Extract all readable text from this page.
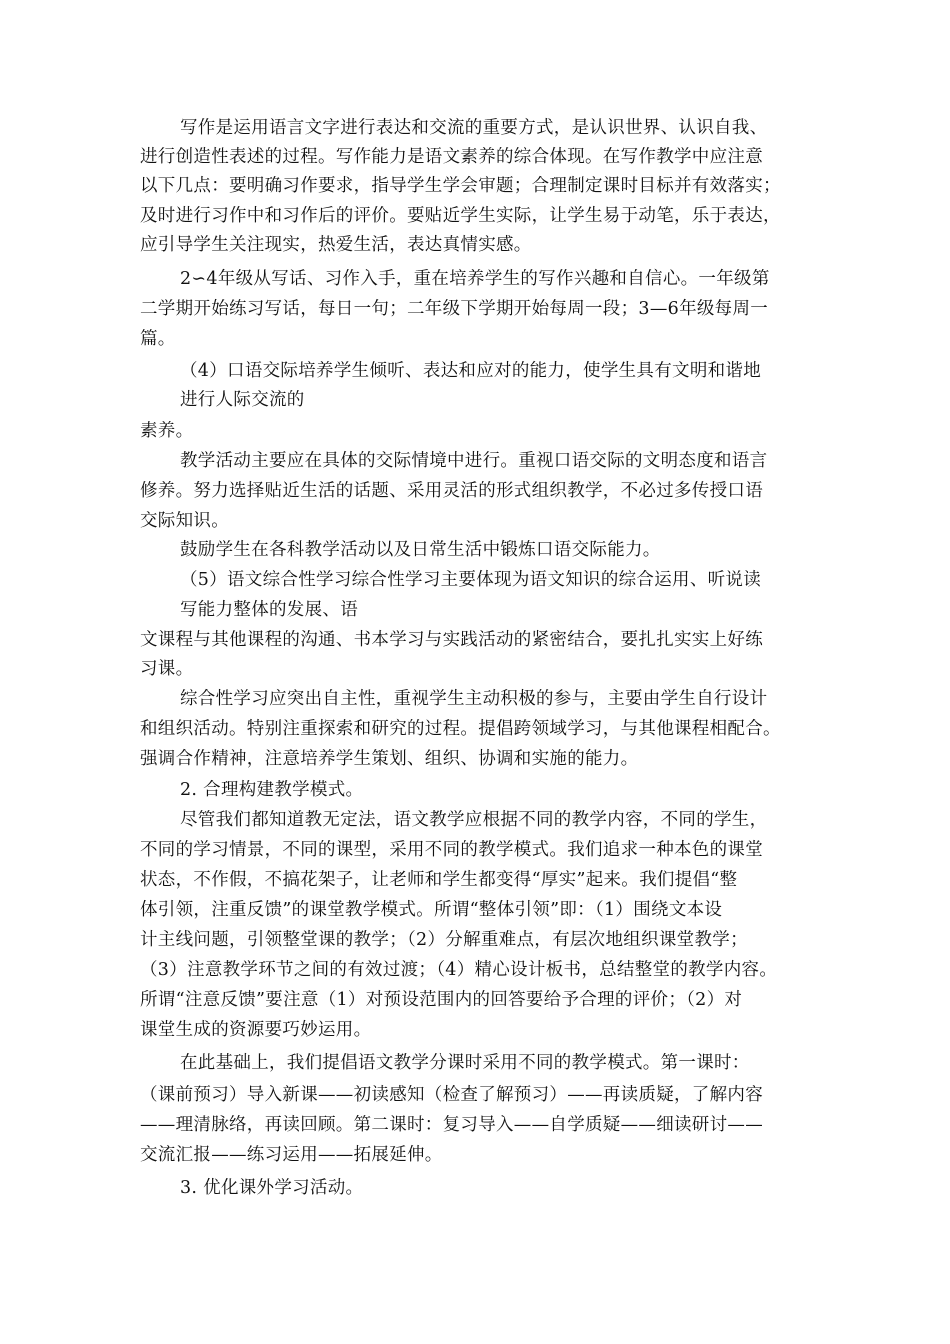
写作是运用语言文字进行表达和交流的重要方式，是认识世界、认识自我、
进行创造性表述的过程。写作能力是语文素养的综合体现。在写作教学中应注意
以下几点：要明确习作要求，指导学生学会审题；合理制定课时目标并有效落实；
及时进行习作中和习作后的评价。要贴近学生实际，让学生易于动笔，乐于表达，
应引导学生关注现实，热爱生活，表达真情实感。
2∽4年级从写话、习作入手，重在培养学生的写作兴趣和自信心。一年级第
二学期开始练习写话，每日一句；二年级下学期开始每周一段；3—6年级每周一
篇。
（4）口语交际培养学生倾听、表达和应对的能力，使学生具有文明和谐地
进行人际交流的
素养。
教学活动主要应在具体的交际情境中进行。重视口语交际的文明态度和语言
修养。努力选择贴近生活的话题、采用灵活的形式组织教学，不必过多传授口语
交际知识。
鼓励学生在各科教学活动以及日常生活中锻炼口语交际能力。
（5）语文综合性学习综合性学习主要体现为语文知识的综合运用、听说读
写能力整体的发展、语
文课程与其他课程的沟通、书本学习与实践活动的紧密结合，要扎扎实实上好练
习课。
综合性学习应突出自主性，重视学生主动积极的参与，主要由学生自行设计
和组织活动。特别注重探索和研究的过程。提倡跨领域学习，与其他课程相配合。
强调合作精神，注意培养学生策划、组织、协调和实施的能力。
2. 合理构建教学模式。
尽管我们都知道教无定法，语文教学应根据不同的教学内容，不同的学生，
不同的学习情景，不同的课型，采用不同的教学模式。我们追求一种本色的课堂
状态，不作假，不搞花架子，让老师和学生都变得“厚实”起来。我们提倡“整
体引领，注重反馈”的课堂教学模式。所谓“整体引领”即：（1）围绕文本设
计主线问题，引领整堂课的教学；（2）分解重难点，有层次地组织课堂教学；
（3）注意教学环节之间的有效过渡；（4）精心设计板书，总结整堂的教学内容。
所谓“注意反馈”要注意（1）对预设范围内的回答要给予合理的评价；（2）对
课堂生成的资源要巧妙运用。
在此基础上，我们提倡语文教学分课时采用不同的教学模式。第一课时：
（课前预习）导入新课——初读感知（检查了解预习）——再读质疑，了解内容
——理清脉络，再读回顾。第二课时：复习导入——自学质疑——细读研讨——
交流汇报——练习运用——拓展延伸。
3. 优化课外学习活动。
